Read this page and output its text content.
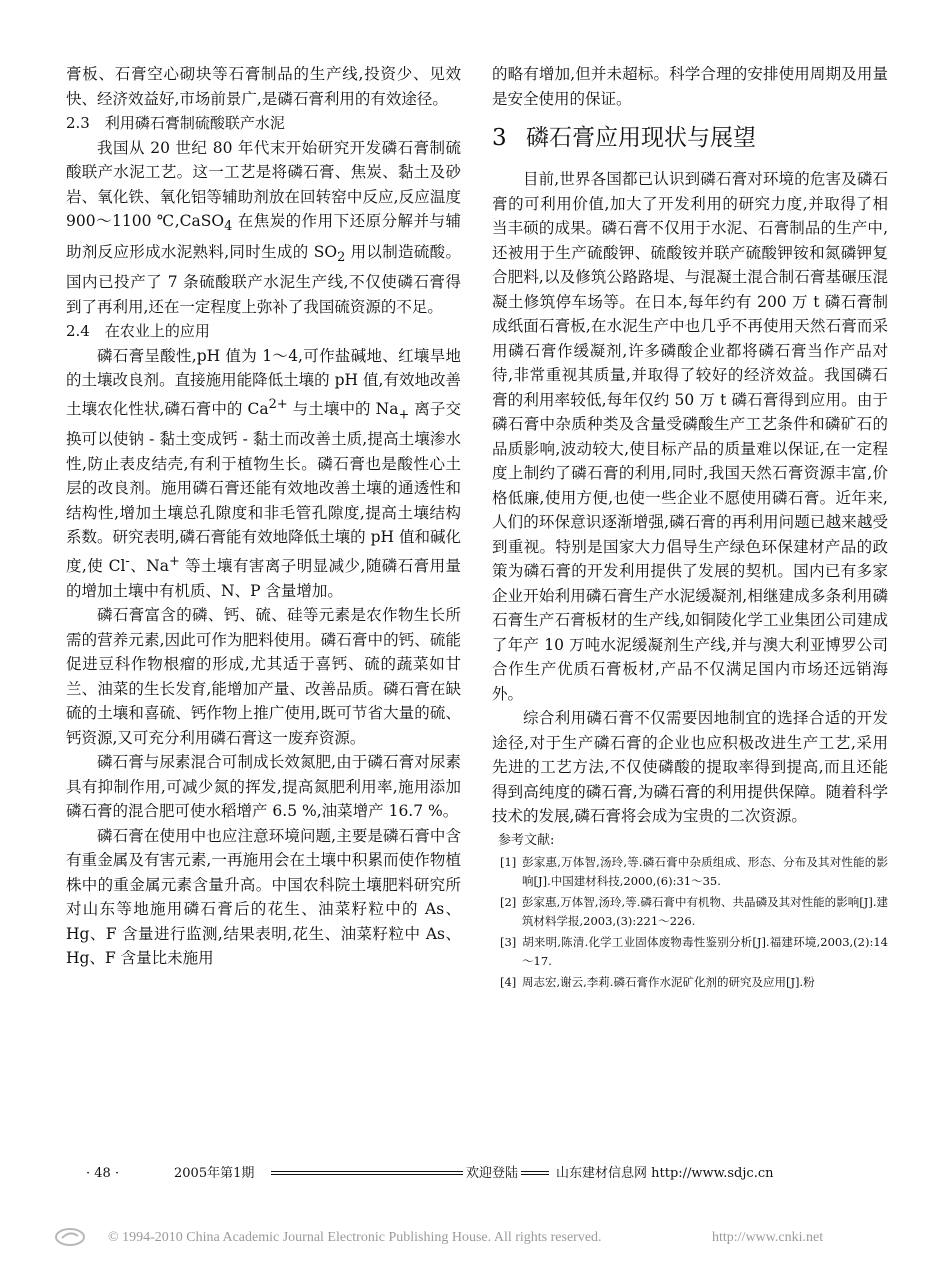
膏板、石膏空心砌块等石膏制品的生产线,投资少、见效快、经济效益好,市场前景广,是磷石膏利用的有效途径。

2.3　利用磷石膏制硫酸联产水泥

我国从 20 世纪 80 年代末开始研究开发磷石膏制硫酸联产水泥工艺。这一工艺是将磷石膏、焦炭、黏土及砂岩、氧化铁、氧化铝等辅助剂放在回转窑中反应,反应温度 900～1100 ℃,CaSO$_4$ 在焦炭的作用下还原分解并与辅助剂反应形成水泥熟料,同时生成的 $SO_2$ 用以制造硫酸。国内已投产了 7 条硫酸联产水泥生产线,不仅使磷石膏得到了再利用,还在一定程度上弥补了我国硫资源的不足。

2.4　在农业上的应用

磷石膏呈酸性,pH 值为 1～4,可作盐碱地、红壤旱地的土壤改良剂。直接施用能降低土壤的 pH 值,有效地改善土壤农化性状,磷石膏中的 $Ca^{2+}$ 与土壤中的 $Na_+$ 离子交换可以使钠 - 黏土变成钙 - 黏土而改善土质,提高土壤渗水性,防止表皮结壳,有利于植物生长。磷石膏也是酸性心土层的改良剂。施用磷石膏还能有效地改善土壤的通透性和结构性,增加土壤总孔隙度和非毛管孔隙度,提高土壤结构系数。研究表明,磷石膏能有效地降低土壤的 pH 值和碱化度,使 Cl-、Na+ 等土壤有害离子明显减少,随磷石膏用量的增加土壤中有机质、N、P 含量增加。

磷石膏富含的磷、钙、硫、硅等元素是农作物生长所需的营养元素,因此可作为肥料使用。磷石膏中的钙、硫能促进豆科作物根瘤的形成,尤其适于喜钙、硫的蔬菜如甘兰、油菜的生长发育,能增加产量、改善品质。磷石膏在缺硫的土壤和喜硫、钙作物上推广使用,既可节省大量的硫、钙资源,又可充分利用磷石膏这一废弃资源。

磷石膏与尿素混合可制成长效氮肥,由于磷石膏对尿素具有抑制作用,可减少氮的挥发,提高氮肥利用率,施用添加磷石膏的混合肥可使水稻增产 6.5 %,油菜增产 16.7 %。

磷石膏在使用中也应注意环境问题,主要是磷石膏中含有重金属及有害元素,一再施用会在土壤中积累而使作物植株中的重金属元素含量升高。中国农科院土壤肥料研究所对山东等地施用磷石膏后的花生、油菜籽粒中的 As、Hg、F 含量进行监测,结果表明,花生、油菜籽粒中 As、Hg、F 含量比未施用

的略有增加,但并未超标。科学合理的安排使用周期及用量是安全使用的保证。

3 磷石膏应用现状与展望

目前,世界各国都已认识到磷石膏对环境的危害及磷石膏的可利用价值,加大了开发利用的研究力度,并取得了相当丰硕的成果。磷石膏不仅用于水泥、石膏制品的生产中,还被用于生产硫酸钾、硫酸铵并联产硫酸钾铵和氮磷钾复合肥料,以及修筑公路路堤、与混凝土混合制石膏基碾压混凝土修筑停车场等。在日本,每年约有 200 万 t 磷石膏制成纸面石膏板,在水泥生产中也几乎不再使用天然石膏而采用磷石膏作缓凝剂,许多磷酸企业都将磷石膏当作产品对待,非常重视其质量,并取得了较好的经济效益。我国磷石膏的利用率较低,每年仅约 50 万 t 磷石膏得到应用。由于磷石膏中杂质种类及含量受磷酸生产工艺条件和磷矿石的品质影响,波动较大,使目标产品的质量难以保证,在一定程度上制约了磷石膏的利用,同时,我国天然石膏资源丰富,价格低廉,使用方便,也使一些企业不愿使用磷石膏。近年来,人们的环保意识逐渐增强,磷石膏的再利用问题已越来越受到重视。特别是国家大力倡导生产绿色环保建材产品的政策为磷石膏的开发利用提供了发展的契机。国内已有多家企业开始利用磷石膏生产水泥缓凝剂,相继建成多条利用磷石膏生产石膏板材的生产线,如铜陵化学工业集团公司建成了年产 10 万吨水泥缓凝剂生产线,并与澳大利亚博罗公司合作生产优质石膏板材,产品不仅满足国内市场还远销海外。

综合利用磷石膏不仅需要因地制宜的选择合适的开发途径,对于生产磷石膏的企业也应积极改进生产工艺,采用先进的工艺方法,不仅使磷酸的提取率得到提高,而且还能得到高纯度的磷石膏,为磷石膏的利用提供保障。随着科学技术的发展,磷石膏将会成为宝贵的二次资源。

参考文献:

[1] 彭家惠,万体智,汤玲,等.磷石膏中杂质组成、形态、分布及其对性能的影响[J].中国建材科技,2000,(6):31～35.

[2] 彭家惠,万体智,汤玲,等.磷石膏中有机物、共晶磷及其对性能的影响[J].建筑材料学报,2003,(3):221～226.

[3] 胡来明,陈清.化学工业固体废物毒性鉴别分析[J].福建环境,2003,(2):14～17.

[4] 周志宏,谢云,李莉.磷石膏作水泥矿化剂的研究及应用[J].粉

· 48 ·	2005年第1期	欢迎登陆	山东建材信息网 http://www.sdjc.cn
© 1994-2010 China Academic Journal Electronic Publishing House. All rights reserved.	http://www.cnki.net
